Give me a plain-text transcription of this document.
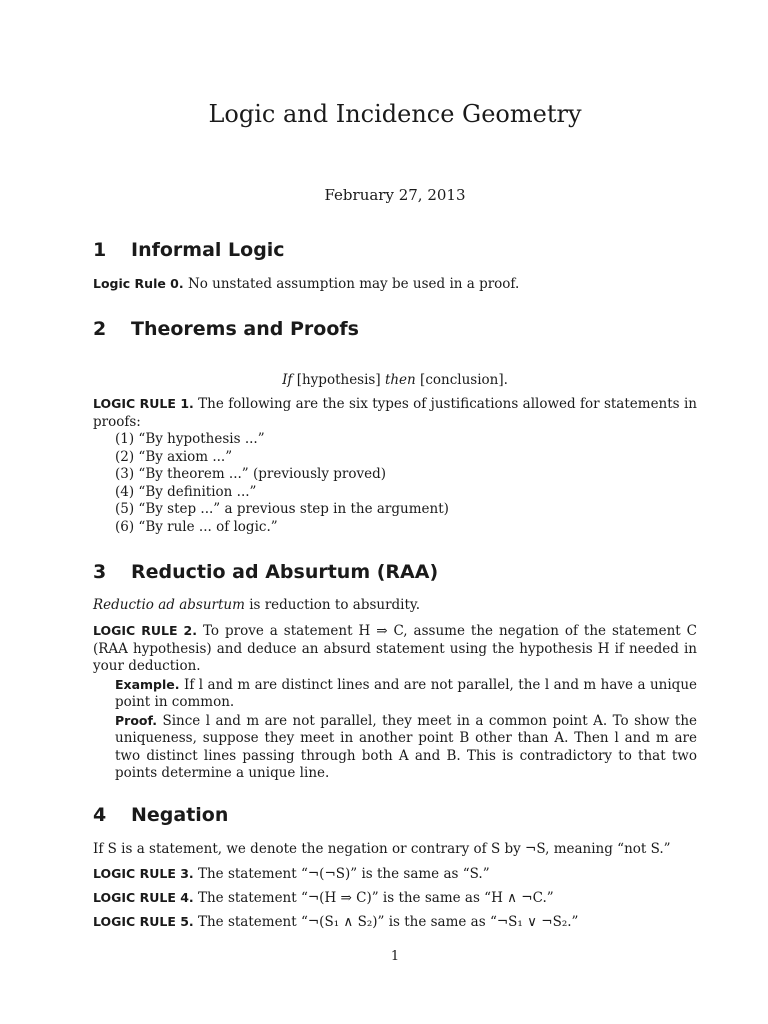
Logic and Incidence Geometry
February 27, 2013
1 Informal Logic
Logic Rule 0. No unstated assumption may be used in a proof.
2 Theorems and Proofs
If [hypothesis] then [conclusion].
LOGIC RULE 1. The following are the six types of justifications allowed for statements in proofs:
(1) “By hypothesis ...”
(2) “By axiom ...”
(3) “By theorem ...” (previously proved)
(4) “By definition ...”
(5) “By step ...” a previous step in the argument)
(6) “By rule ... of logic.”
3 Reductio ad Absurtum (RAA)
Reductio ad absurtum is reduction to absurdity.
LOGIC RULE 2. To prove a statement H ⇒ C, assume the negation of the statement C (RAA hypothesis) and deduce an absurd statement using the hypothesis H if needed in your deduction.
Example. If l and m are distinct lines and are not parallel, the l and m have a unique point in common.
Proof. Since l and m are not parallel, they meet in a common point A. To show the uniqueness, suppose they meet in another point B other than A. Then l and m are two distinct lines passing through both A and B. This is contradictory to that two points determine a unique line.
4 Negation
If S is a statement, we denote the negation or contrary of S by ¬S, meaning “not S.”
LOGIC RULE 3. The statement “¬(¬S)” is the same as “S.”
LOGIC RULE 4. The statement “¬(H ⇒ C)” is the same as “H ∧ ¬C.”
LOGIC RULE 5. The statement “¬(S₁ ∧ S₂)” is the same as “¬S₁ ∨ ¬S₂.”
1
